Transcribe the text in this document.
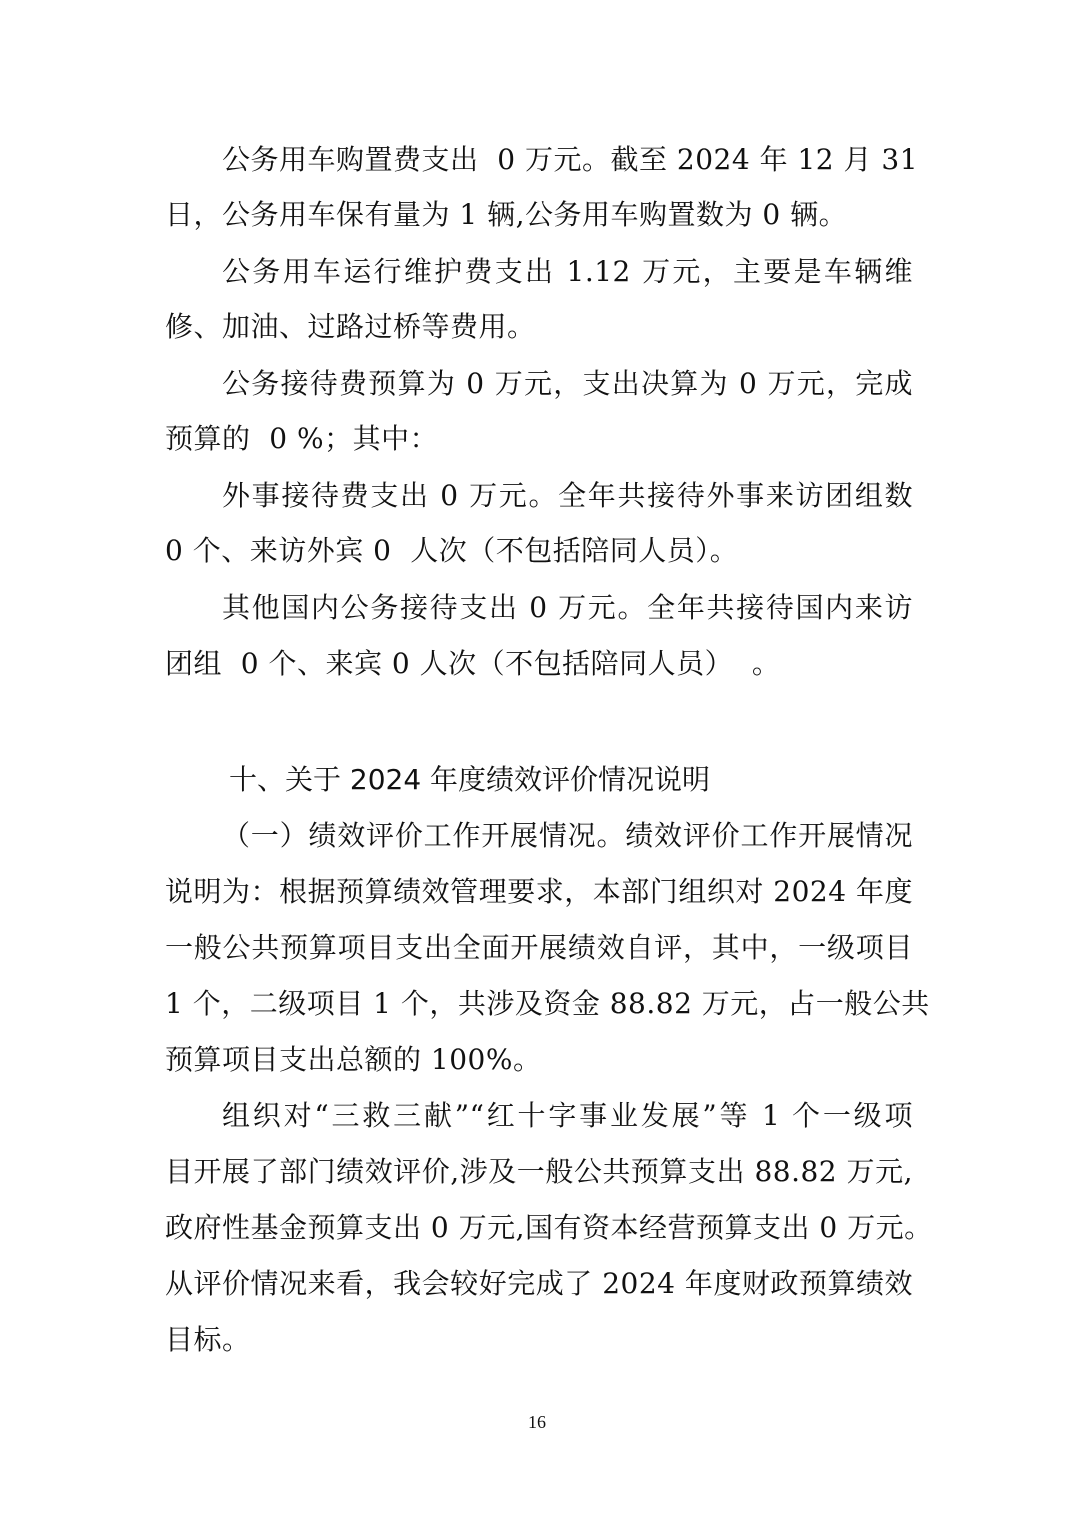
公务用车购置费支出  0 万元。截至 2024 年 12 月 31
日，公务用车保有量为 1 辆,公务用车购置数为 0 辆。
公务用车运行维护费支出 1.12 万元，主要是车辆维
修、加油、过路过桥等费用。
公务接待费预算为 0 万元，支出决算为 0 万元，完成
预算的  0 %；其中：
外事接待费支出 0 万元。全年共接待外事来访团组数
0 个、来访外宾 0  人次（不包括陪同人员）。
其他国内公务接待支出 0 万元。全年共接待国内来访
团组  0 个、来宾 0 人次（不包括陪同人员）  。
十、关于 2024 年度绩效评价情况说明
（一）绩效评价工作开展情况。绩效评价工作开展情况
说明为：根据预算绩效管理要求，本部门组织对 2024 年度
一般公共预算项目支出全面开展绩效自评，其中，一级项目
1 个，二级项目 1 个，共涉及资金 88.82 万元，占一般公共
预算项目支出总额的 100%。
组织对“三救三献”“红十字事业发展”等 1 个一级项
目开展了部门绩效评价,涉及一般公共预算支出 88.82 万元,
政府性基金预算支出 0 万元,国有资本经营预算支出 0 万元。
从评价情况来看，我会较好完成了 2024 年度财政预算绩效
目标。
16
